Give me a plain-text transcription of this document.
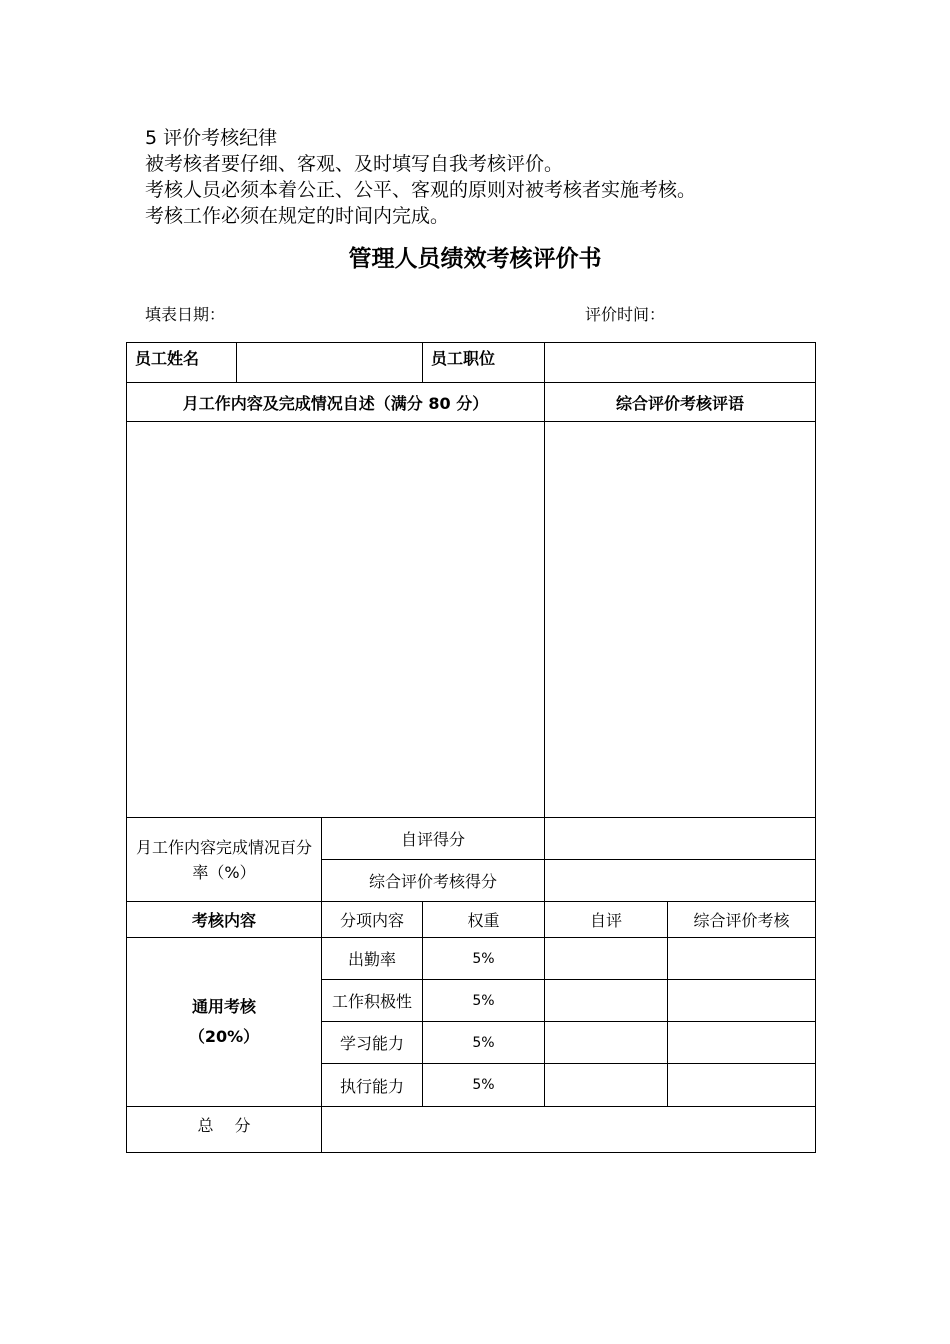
5 评价考核纪律
被考核者要仔细、客观、及时填写自我考核评价。
考核人员必须本着公正、公平、客观的原则对被考核者实施考核。
考核工作必须在规定的时间内完成。
管理人员绩效考核评价书
填表日期：	评价时间：
员工姓名			员工职位		
月工作内容及完成情况自述（满分 80 分）				综合评价考核评语	

月工作内容完成情况百分率（%）		自评得分			
		综合评价考核得分			
考核内容		分项内容	权重	自评	综合评价考核

通用考核
（20%）		出勤率	5%		
		工作积极性	5%		
		学习能力	5%		
		执行能力	5%		
总　 分					
